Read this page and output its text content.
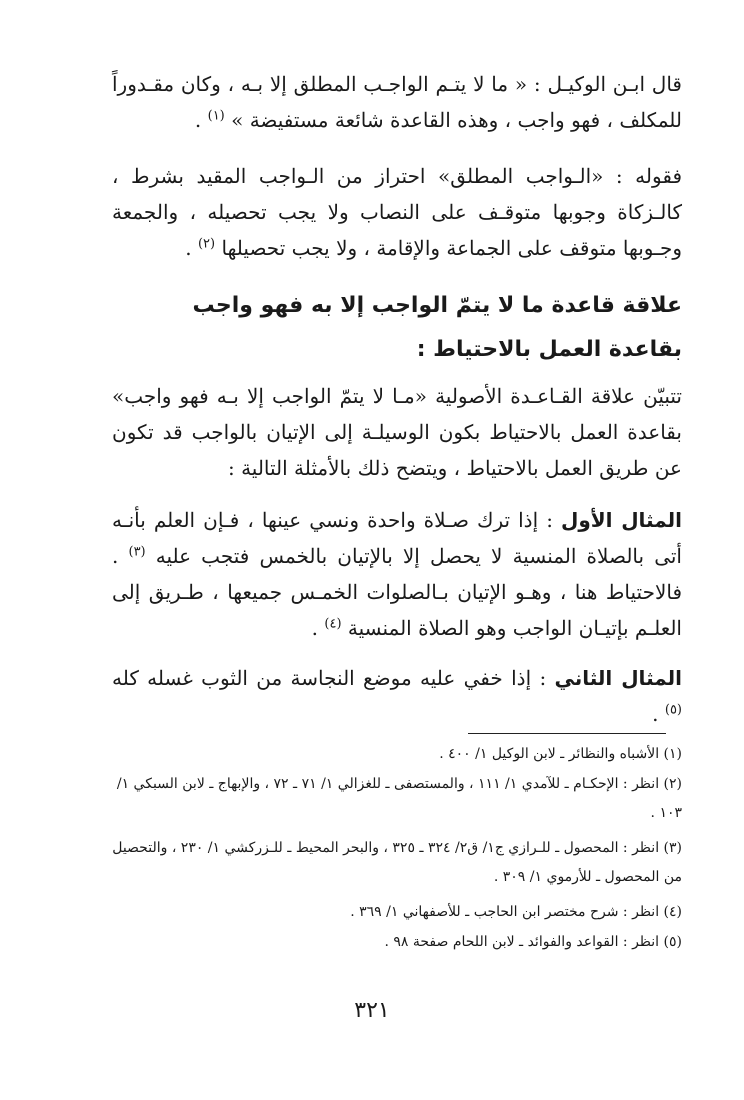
قال ابـن الوكيـل : « ما لا يتـم الواجـب المطلق إلا بـه ، وكان مقـدوراً للمكلف ، فهو واجب ، وهذه القاعدة شائعة مستفيضة » $^{(١)}$ .

فقوله : «الـواجب المطلق» احتراز من الـواجب المقيد بشرط ، كالـزكاة وجوبها متوقـف على النصاب ولا يجب تحصيله ، والجمعة وجـوبها متوقف على الجماعة والإقامة ، ولا يجب تحصيلها $^{(٢)}$ .

علاقة قاعدة ما لا يتمّ الواجب إلا به فهو واجب بقاعدة العمل بالاحتياط :

تتبيّن علاقة القـاعـدة الأصولية «مـا لا يتمّ الواجب إلا بـه فهو واجب» بقاعدة العمل بالاحتياط بكون الوسيلـة إلى الإتيان بالواجب قد تكون عن طريق العمل بالاحتياط ، ويتضح ذلك بالأمثلة التالية :

المثال الأول : إذا ترك صـلاة واحدة ونسي عينها ، فـإن العلم بأنـه أتى بالصلاة المنسية لا يحصل إلا بالإتيان بالخمس فتجب عليه $^{(٣)}$ . فالاحتياط هنا ، وهـو الإتيان بـالصلوات الخمـس جميعها ، طـريق إلى العلـم بإتيـان الواجب وهو الصلاة المنسية $^{(٤)}$ .

المثال الثاني : إذا خفي عليه موضع النجاسة من الثوب غسله كله $^{(٥)}$ .

(١) الأشباه والنظائر ـ لابن الوكيل ١/ ٤٠٠ .
(٢) انظر : الإحكـام ـ للآمدي ١/ ١١١ ، والمستصفى ـ للغزالي ١/ ٧١ ـ ٧٢ ، والإبهاج ـ لابن السبكي ١/ ١٠٣ .
(٣) انظر : المحصول ـ للـرازي ج١/ ق٢/ ٣٢٤ ـ ٣٢٥ ، والبحر المحيط ـ للـزركشي ١/ ٢٣٠ ، والتحصيل من المحصول ـ للأرموي ١/ ٣٠٩ .
(٤) انظر : شرح مختصر ابن الحاجب ـ للأصفهاني ١/ ٣٦٩ .
(٥) انظر : القواعد والفوائد ـ لابن اللحام صفحة ٩٨ .
٣٢١
